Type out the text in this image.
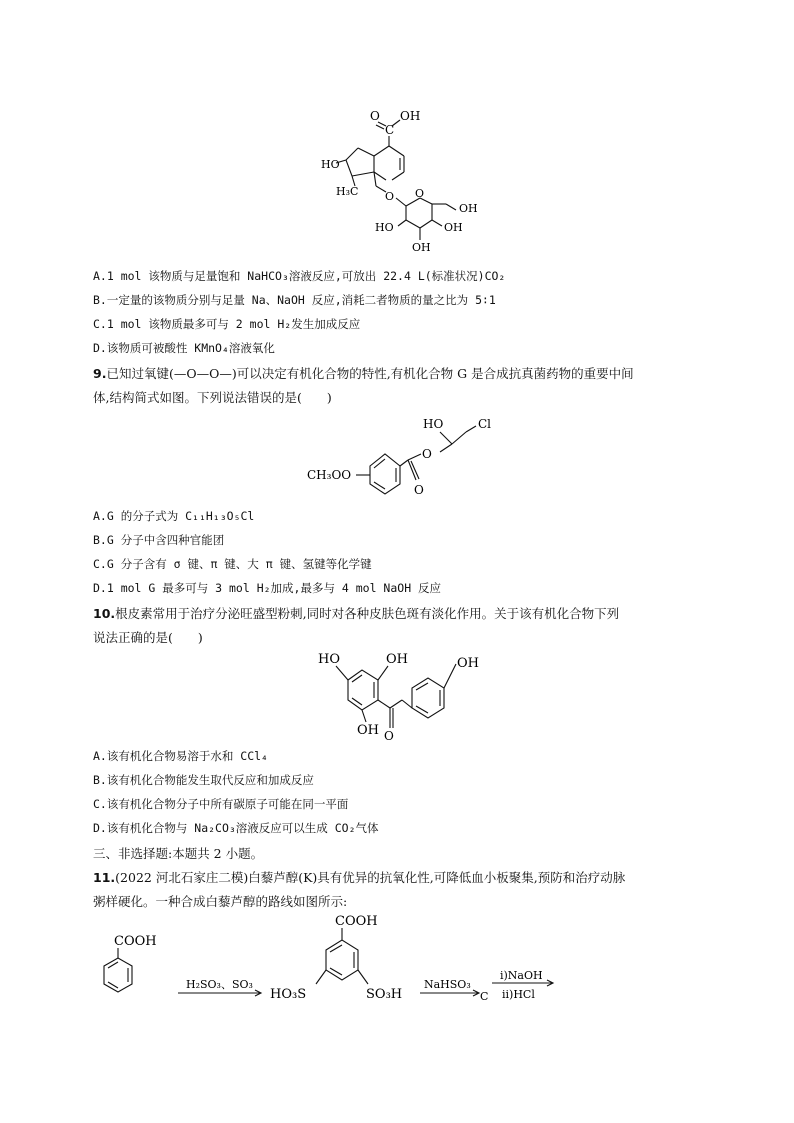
O OH
C
HO
H₃C O O
OH
HO	OH
OH
A.1 mol 该物质与足量饱和 NaHCO₃溶液反应,可放出 22.4 L(标准状况)CO₂
B.一定量的该物质分别与足量 Na、NaOH 反应,消耗二者物质的量之比为 5∶1
C.1 mol 该物质最多可与 2 mol H₂发生加成反应
D.该物质可被酸性 KMnO₄溶液氧化
9.已知过氧键(—O—O—)可以决定有机化合物的特性,有机化合物 G 是合成抗真菌药物的重要中间
体,结构简式如图。下列说法错误的是(　　)
HO	Cl
O
O
CH₃OO
A.G 的分子式为 C₁₁H₁₃O₅Cl
B.G 分子中含四种官能团
C.G 分子含有 σ 键、π 键、大 π 键、氢键等化学键
D.1 mol G 最多可与 3 mol H₂加成,最多与 4 mol NaOH 反应
10.根皮素常用于治疗分泌旺盛型粉刺,同时对各种皮肤色斑有淡化作用。关于该有机化合物下列
说法正确的是(　　)
HO	OH	OH
OH O
A.该有机化合物易溶于水和 CCl₄
B.该有机化合物能发生取代反应和加成反应
C.该有机化合物分子中所有碳原子可能在同一平面
D.该有机化合物与 Na₂CO₃溶液反应可以生成 CO₂气体
三、非选择题:本题共 2 小题。
11.(2022 河北石家庄二模)白藜芦醇(K)具有优异的抗氧化性,可降低血小板聚集,预防和治疗动脉
粥样硬化。一种合成白藜芦醇的路线如图所示:
COOH
H₂SO₃、SO₃
COOH
HO₃S	SO₃H
NaHSO₃
C
ⅰ)NaOH
ⅱ)HCl
